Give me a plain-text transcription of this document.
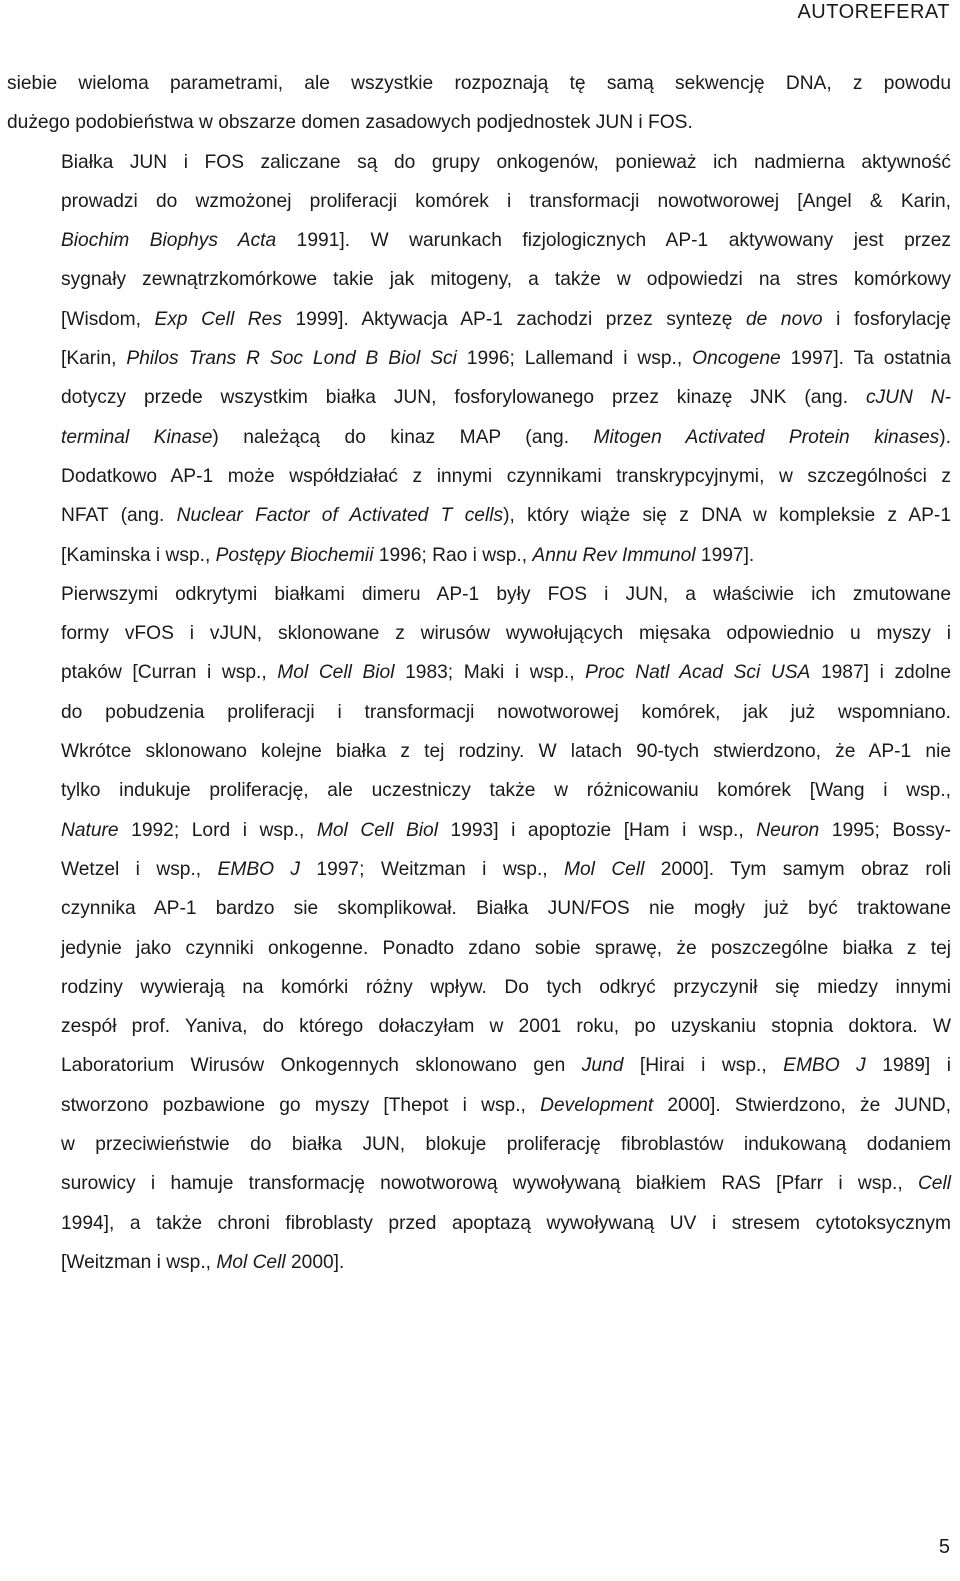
AUTOREFERAT
siebie wieloma parametrami, ale wszystkie rozpoznają tę samą sekwencję DNA, z powodu
dużego podobieństwa w obszarze domen zasadowych podjednostek JUN i FOS.
Białka JUN i FOS zaliczane są do grupy onkogenów, ponieważ ich nadmierna aktywność
prowadzi do wzmożonej proliferacji komórek i transformacji nowotworowej [Angel & Karin,
Biochim Biophys Acta 1991]. W warunkach fizjologicznych AP-1 aktywowany jest przez
sygnały zewnątrzkomórkowe takie jak mitogeny, a także w odpowiedzi na stres komórkowy
[Wisdom, Exp Cell Res 1999]. Aktywacja AP-1 zachodzi przez syntezę de novo i fosforylację
[Karin, Philos Trans R Soc Lond B Biol Sci 1996; Lallemand i wsp., Oncogene 1997]. Ta ostatnia
dotyczy przede wszystkim białka JUN, fosforylowanego przez kinazę JNK (ang. cJUN N-
terminal Kinase) należącą do kinaz MAP (ang. Mitogen Activated Protein kinases).
Dodatkowo AP-1 może współdziałać z innymi czynnikami transkrypcyjnymi, w szczególności z
NFAT (ang. Nuclear Factor of Activated T cells), który wiąże się z DNA w kompleksie z AP-1
[Kaminska i wsp., Postępy Biochemii 1996; Rao i wsp., Annu Rev Immunol 1997].
Pierwszymi odkrytymi białkami dimeru AP-1 były FOS i JUN, a właściwie ich zmutowane
formy vFOS i vJUN, sklonowane z wirusów wywołujących mięsaka odpowiednio u myszy i
ptaków [Curran i wsp., Mol Cell Biol 1983; Maki i wsp., Proc Natl Acad Sci USA 1987] i zdolne
do pobudzenia proliferacji i transformacji nowotworowej komórek, jak już wspomniano.
Wkrótce sklonowano kolejne białka z tej rodziny. W latach 90-tych stwierdzono, że AP-1 nie
tylko indukuje proliferację, ale uczestniczy także w różnicowaniu komórek [Wang i wsp.,
Nature 1992; Lord i wsp., Mol Cell Biol 1993] i apoptozie [Ham i wsp., Neuron 1995; Bossy-
Wetzel i wsp., EMBO J 1997; Weitzman i wsp., Mol Cell 2000]. Tym samym obraz roli
czynnika AP-1 bardzo sie skomplikował. Białka JUN/FOS nie mogły już być traktowane
jedynie jako czynniki onkogenne. Ponadto zdano sobie sprawę, że poszczególne białka z tej
rodziny wywierają na komórki różny wpływ. Do tych odkryć przyczynił się miedzy innymi
zespół prof. Yaniva, do którego dołaczyłam w 2001 roku, po uzyskaniu stopnia doktora. W
Laboratorium Wirusów Onkogennych sklonowano gen Jund [Hirai i wsp., EMBO J 1989] i
stworzono pozbawione go myszy [Thepot i wsp., Development 2000]. Stwierdzono, że JUND,
w przeciwieństwie do białka JUN, blokuje proliferację fibroblastów indukowaną dodaniem
surowicy i hamuje transformację nowotworową wywoływaną białkiem RAS [Pfarr i wsp., Cell
1994], a także chroni fibroblasty przed apoptazą wywoływaną UV i stresem cytotoksycznym
[Weitzman i wsp., Mol Cell 2000].
5
